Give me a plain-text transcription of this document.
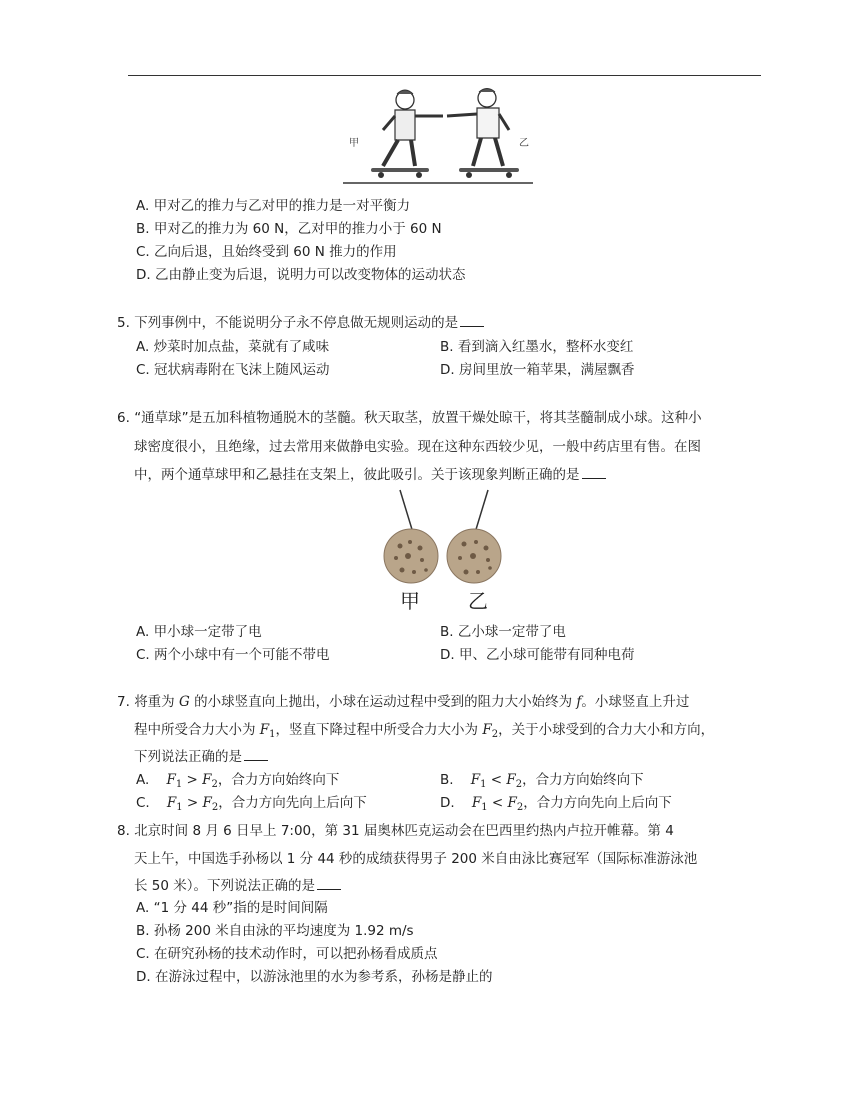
甲	乙
A. 甲对乙的推力与乙对甲的推力是一对平衡力
B. 甲对乙的推力为 60 N，乙对甲的推力小于 60 N
C. 乙向后退，且始终受到 60 N 推力的作用
D. 乙由静止变为后退，说明力可以改变物体的运动状态
5. 下列事例中，不能说明分子永不停息做无规则运动的是
A. 炒菜时加点盐，菜就有了咸味	B. 看到滴入红墨水，整杯水变红
C. 冠状病毒附在飞沫上随风运动	D. 房间里放一箱苹果，满屋飘香
6. “通草球”是五加科植物通脱木的茎髓。秋天取茎，放置干燥处晾干，将其茎髓制成小球。这种小
球密度很小，且绝缘，过去常用来做静电实验。现在这种东西较少见，一般中药店里有售。在图
中，两个通草球甲和乙悬挂在支架上，彼此吸引。关于该现象判断正确的是
甲 乙
A. 甲小球一定带了电	B. 乙小球一定带了电
C. 两个小球中有一个可能不带电	D. 甲、乙小球可能带有同种电荷
7. 将重为 G 的小球竖直向上抛出，小球在运动过程中受到的阻力大小始终为 f。小球竖直上升过
程中所受合力大小为 $F_1$，竖直下降过程中所受合力大小为 $F_2$，关于小球受到的合力大小和方向，
下列说法正确的是
A. $F_1 > F_2$，合力方向始终向下	B. $F_1 < F_2$，合力方向始终向下
C. $F_1 > F_2$，合力方向先向上后向下	D. $F_1 < F_2$，合力方向先向上后向下
8. 北京时间 8 月 6 日早上 7:00，第 31 届奥林匹克运动会在巴西里约热内卢拉开帷幕。第 4
天上午，中国选手孙杨以 1 分 44 秒的成绩获得男子 200 米自由泳比赛冠军（国际标准游泳池
长 50 米）。下列说法正确的是
A. “1 分 44 秒”指的是时间间隔
B. 孙杨 200 米自由泳的平均速度为 1.92 m/s
C. 在研究孙杨的技术动作时，可以把孙杨看成质点
D. 在游泳过程中，以游泳池里的水为参考系，孙杨是静止的
